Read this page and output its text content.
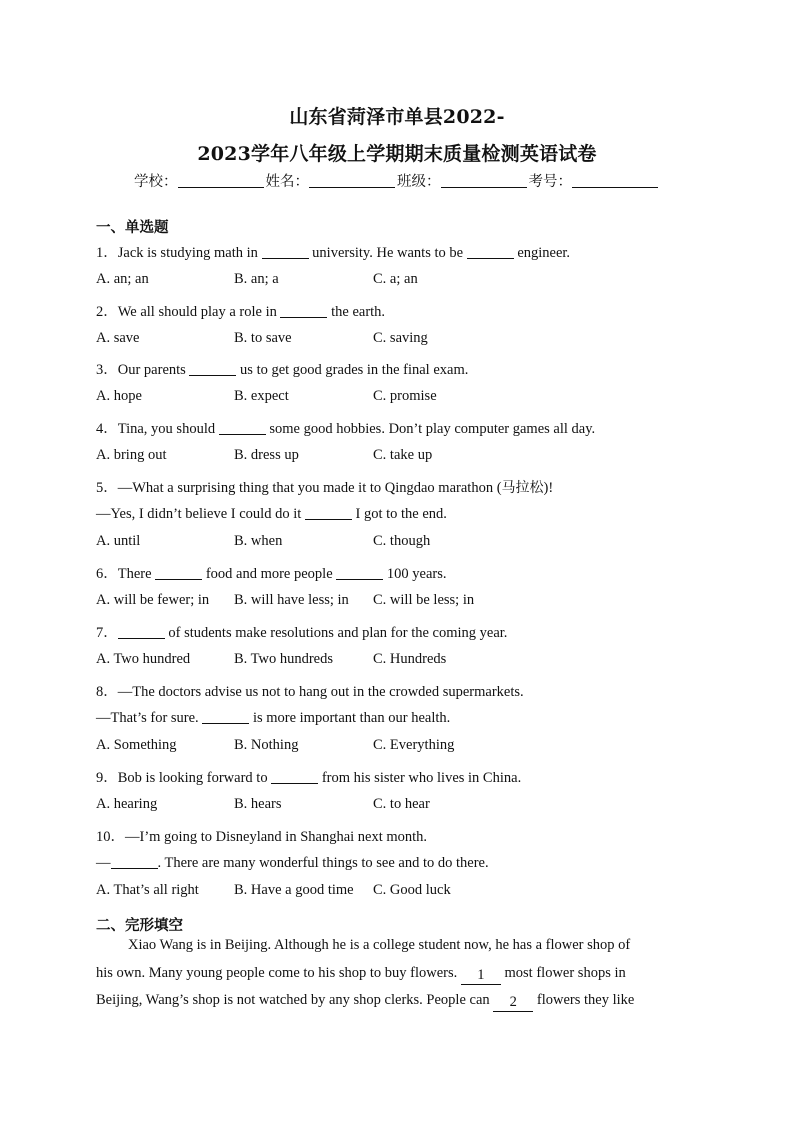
山东省菏泽市单县2022-
2023学年八年级上学期期末质量检测英语试卷
学校：	姓名：	班级：	考号：
一、单选题
1．Jack is studying math in	university. He wants to be	engineer.
A. an; an	B. an; a	C. a; an
2．We all should play a role in	the earth.
A. save	B. to save	C. saving
3．Our parents	us to get good grades in the final exam.
A. hope	B. expect	C. promise
4．Tina, you should	some good hobbies. Don’t play computer games all day.
A. bring out	B. dress up	C. take up
5．—What a surprising thing that you made it to Qingdao marathon (马拉松)!
—Yes, I didn’t believe I could do it	I got to the end.
A. until	B. when	C. though
6．There	food and more people	100 years.
A. will be fewer; in B. will have less; in C. will be less; in
7．	of students make resolutions and plan for the coming year.
A. Two hundred	B. Two hundreds	C. Hundreds
8．—The doctors advise us not to hang out in the crowded supermarkets.
—That’s for sure.	is more important than our health.
A. Something	B. Nothing	C. Everything
9．Bob is looking forward to	from his sister who lives in China.
A. hearing	B. hears	C. to hear
10．—I’m going to Disneyland in Shanghai next month.
—	. There are many wonderful things to see and to do there.
A. That’s all right B. Have a good time C. Good luck
二、完形填空
Xiao Wang is in Beijing. Although he is a college student now, he has a flower shop of
his own. Many young people come to his shop to buy flowers. 1 most flower shops in
Beijing, Wang’s shop is not watched by any shop clerks. People can 2 flowers they like
